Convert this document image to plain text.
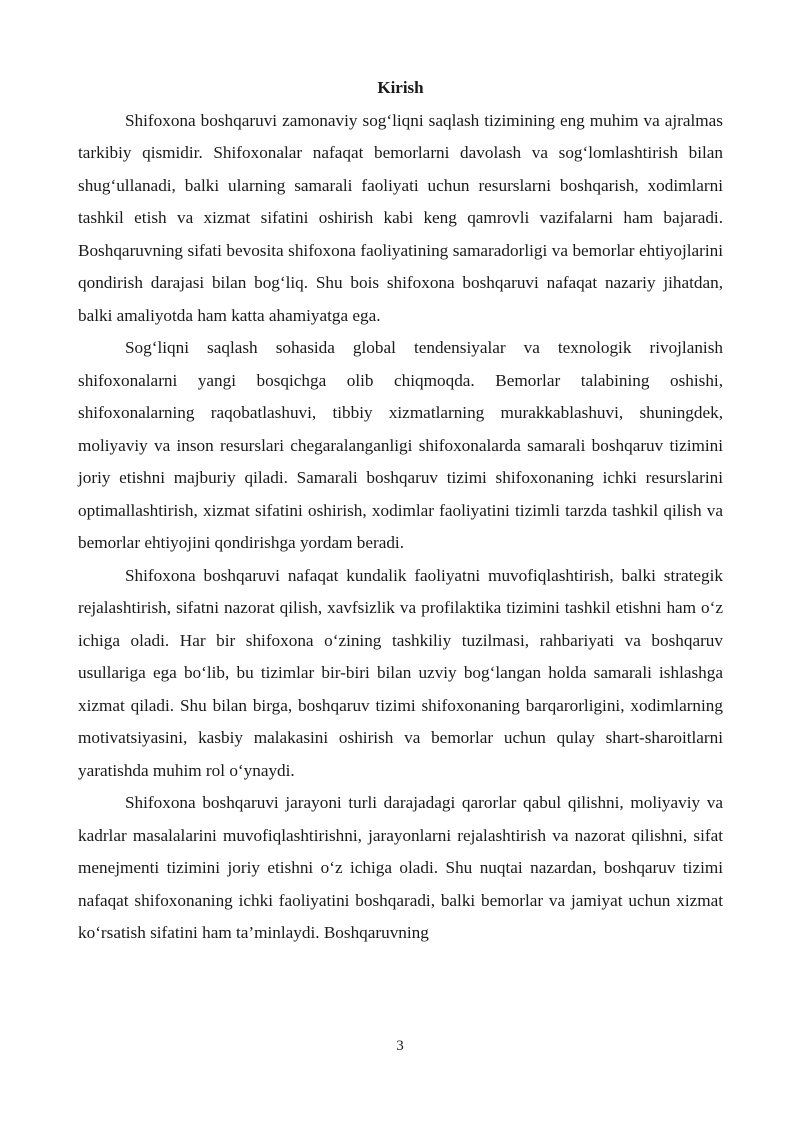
Kirish

Shifoxona boshqaruvi zamonaviy sog‘liqni saqlash tizimining eng muhim va ajralmas tarkibiy qismidir. Shifoxonalar nafaqat bemorlarni davolash va sog‘lomlashtirish bilan shug‘ullanadi, balki ularning samarali faoliyati uchun resurslarni boshqarish, xodimlarni tashkil etish va xizmat sifatini oshirish kabi keng qamrovli vazifalarni ham bajaradi. Boshqaruvning sifati bevosita shifoxona faoliyatining samaradorligi va bemorlar ehtiyojlarini qondirish darajasi bilan bog‘liq. Shu bois shifoxona boshqaruvi nafaqat nazariy jihatdan, balki amaliyotda ham katta ahamiyatga ega.

Sog‘liqni saqlash sohasida global tendensiyalar va texnologik rivojlanish shifoxonalarni yangi bosqichga olib chiqmoqda. Bemorlar talabining oshishi, shifoxonalarning raqobatlashuvi, tibbiy xizmatlarning murakkablashuvi, shuningdek, moliyaviy va inson resurslari chegaralanganligi shifoxonalarda samarali boshqaruv tizimini joriy etishni majburiy qiladi. Samarali boshqaruv tizimi shifoxonaning ichki resurslarini optimallashtirish, xizmat sifatini oshirish, xodimlar faoliyatini tizimli tarzda tashkil qilish va bemorlar ehtiyojini qondirishga yordam beradi.

Shifoxona boshqaruvi nafaqat kundalik faoliyatni muvofiqlashtirish, balki strategik rejalashtirish, sifatni nazorat qilish, xavfsizlik va profilaktika tizimini tashkil etishni ham o‘z ichiga oladi. Har bir shifoxona o‘zining tashkiliy tuzilmasi, rahbariyati va boshqaruv usullariga ega bo‘lib, bu tizimlar bir-biri bilan uzviy bog‘langan holda samarali ishlashga xizmat qiladi. Shu bilan birga, boshqaruv tizimi shifoxonaning barqarorligini, xodimlarning motivatsiyasini, kasbiy malakasini oshirish va bemorlar uchun qulay shart-sharoitlarni yaratishda muhim rol o‘ynaydi.

Shifoxona boshqaruvi jarayoni turli darajadagi qarorlar qabul qilishni, moliyaviy va kadrlar masalalarini muvofiqlashtirishni, jarayonlarni rejalashtirish va nazorat qilishni, sifat menejmenti tizimini joriy etishni o‘z ichiga oladi. Shu nuqtai nazardan, boshqaruv tizimi nafaqat shifoxonaning ichki faoliyatini boshqaradi, balki bemorlar va jamiyat uchun xizmat ko‘rsatish sifatini ham ta’minlaydi. Boshqaruvning

3
